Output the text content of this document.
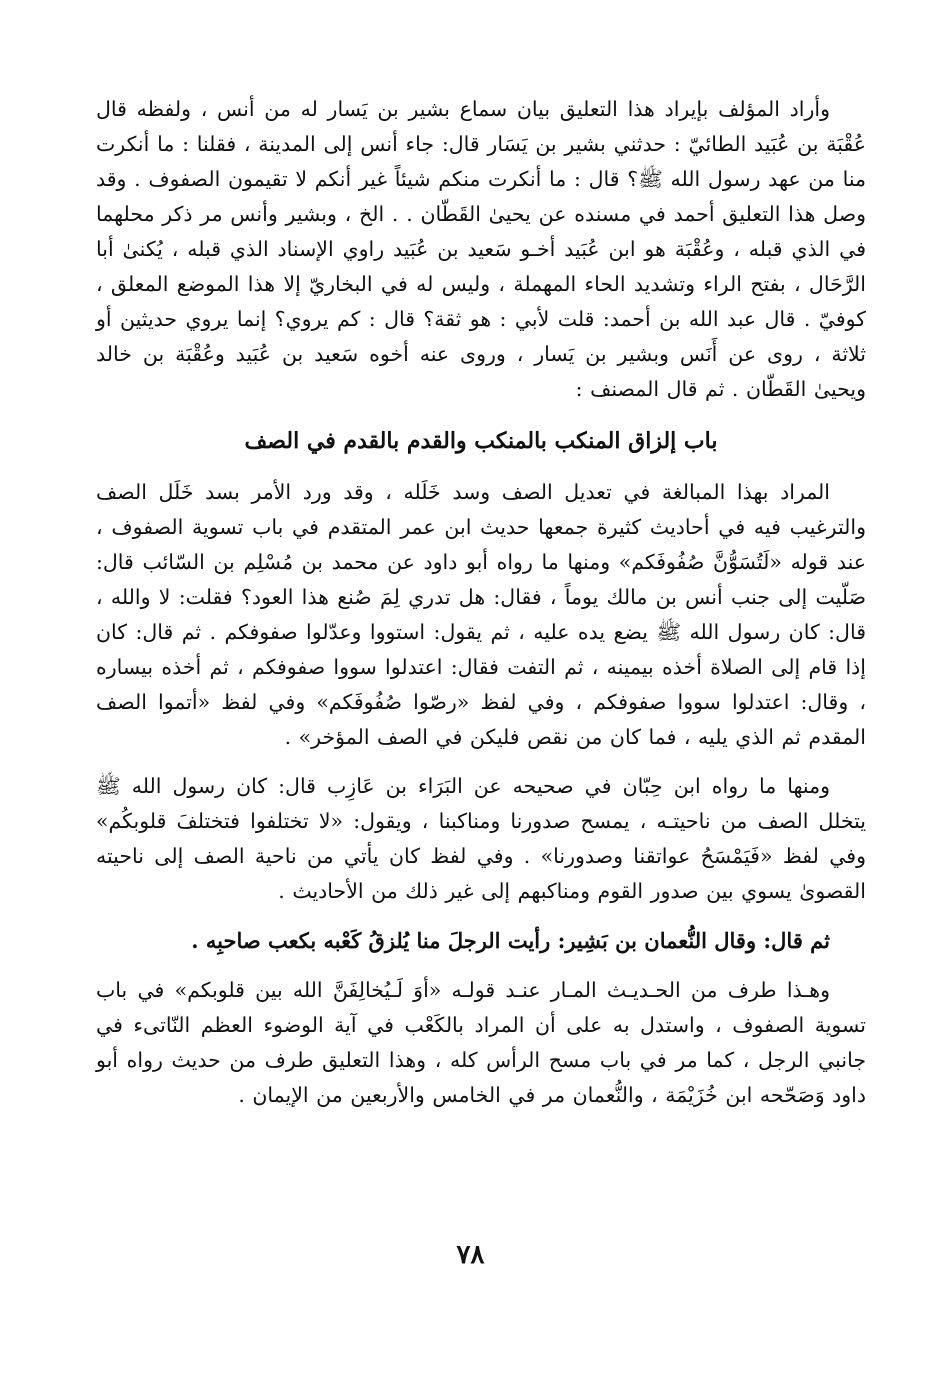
وأراد المؤلف بإيراد هذا التعليق بيان سماع بشير بن يَسار له من أنس ، ولفظه قال عُقْبَة بن عُبَيد الطائيّ : حدثني بشير بن يَسَار قال: جاء أنس إلى المدينة ، فقلنا : ما أنكرت منا من عهد رسول الله ﷺ؟ قال : ما أنكرت منكم شيئاً غير أنكم لا تقيمون الصفوف . وقد وصل هذا التعليق أحمد في مسنده عن يحيىٰ القَطّان . . الخ ، وبشير وأنس مر ذكر محلهما في الذي قبله ، وعُقْبَة هو ابن عُبَيد أخـو سَعيد بن عُبَيد راوي الإسناد الذي قبله ، يُكنىٰ أبا الرَّحَال ، بفتح الراء وتشديد الحاء المهملة ، وليس له في البخاريّ إلا هذا الموضع المعلق ، كوفيّ . قال عبد الله بن أحمد: قلت لأبي : هو ثقة؟ قال : كم يروي؟ إنما يروي حديثين أو ثلاثة ، روى عن أَنَس وبشير بن يَسار ، وروى عنه أخوه سَعيد بن عُبَيد وعُقْبَة بن خالد ويحيىٰ القَطّان . ثم قال المصنف :

باب إلزاق المنكب بالمنكب والقدم بالقدم في الصف

المراد بهذا المبالغة في تعديل الصف وسد خَلَله ، وقد ورد الأمر بسد خَلَل الصف والترغيب فيه في أحاديث كثيرة جمعها حديث ابن عمر المتقدم في باب تسوية الصفوف ، عند قوله «لَتُسَوُّنَّ صُفُوفَكم» ومنها ما رواه أبو داود عن محمد بن مُسْلِم بن السّائب قال: صَلّيت إلى جنب أنس بن مالك يوماً ، فقال: هل تدري لِمَ صُنع هذا العود؟ فقلت: لا والله ، قال: كان رسول الله ﷺ يضع يده عليه ، ثم يقول: استووا وعدّلوا صفوفكم . ثم قال: كان إذا قام إلى الصلاة أخذه بيمينه ، ثم التفت فقال: اعتدلوا سووا صفوفكم ، ثم أخذه بيساره ، وقال: اعتدلوا سووا صفوفكم ، وفي لفظ «رصّوا صُفُوفَكم» وفي لفظ «أتموا الصف المقدم ثم الذي يليه ، فما كان من نقص فليكن في الصف المؤخر» .

ومنها ما رواه ابن حِبّان في صحيحه عن البَرَاء بن عَازِب قال: كان رسول الله ﷺ يتخلل الصف من ناحيتـه ، يمسح صدورنا ومناكبنا ، ويقول: «لا تختلفوا فتختلفَ قلوبكُم» وفي لفظ «فَيَمْسَحُ عواتقنا وصدورنا» . وفي لفظ كان يأتي من ناحية الصف إلى ناحيته القصوىٰ يسوي بين صدور القوم ومناكبهم إلى غير ذلك من الأحاديث .

ثم قال: وقال النُّعمان بن بَشِير: رأيت الرجلَ منا يُلزقُ كَعْبه بكعب صاحبِه .

وهـذا طرف من الحـديـث المـار عنـد قولـه «أوَ لَـيُخالِفَنَّ الله بين قلوبكم» في باب تسوية الصفوف ، واستدل به على أن المراد بالكَعْب في آية الوضوء العظم النّاتىء في جانبي الرجل ، كما مر في باب مسح الرأس كله ، وهذا التعليق طرف من حديث رواه أبو داود وَصَحّحه ابن خُزَيْمَة ، والنُّعمان مر في الخامس والأربعين من الإيمان .

٧٨
